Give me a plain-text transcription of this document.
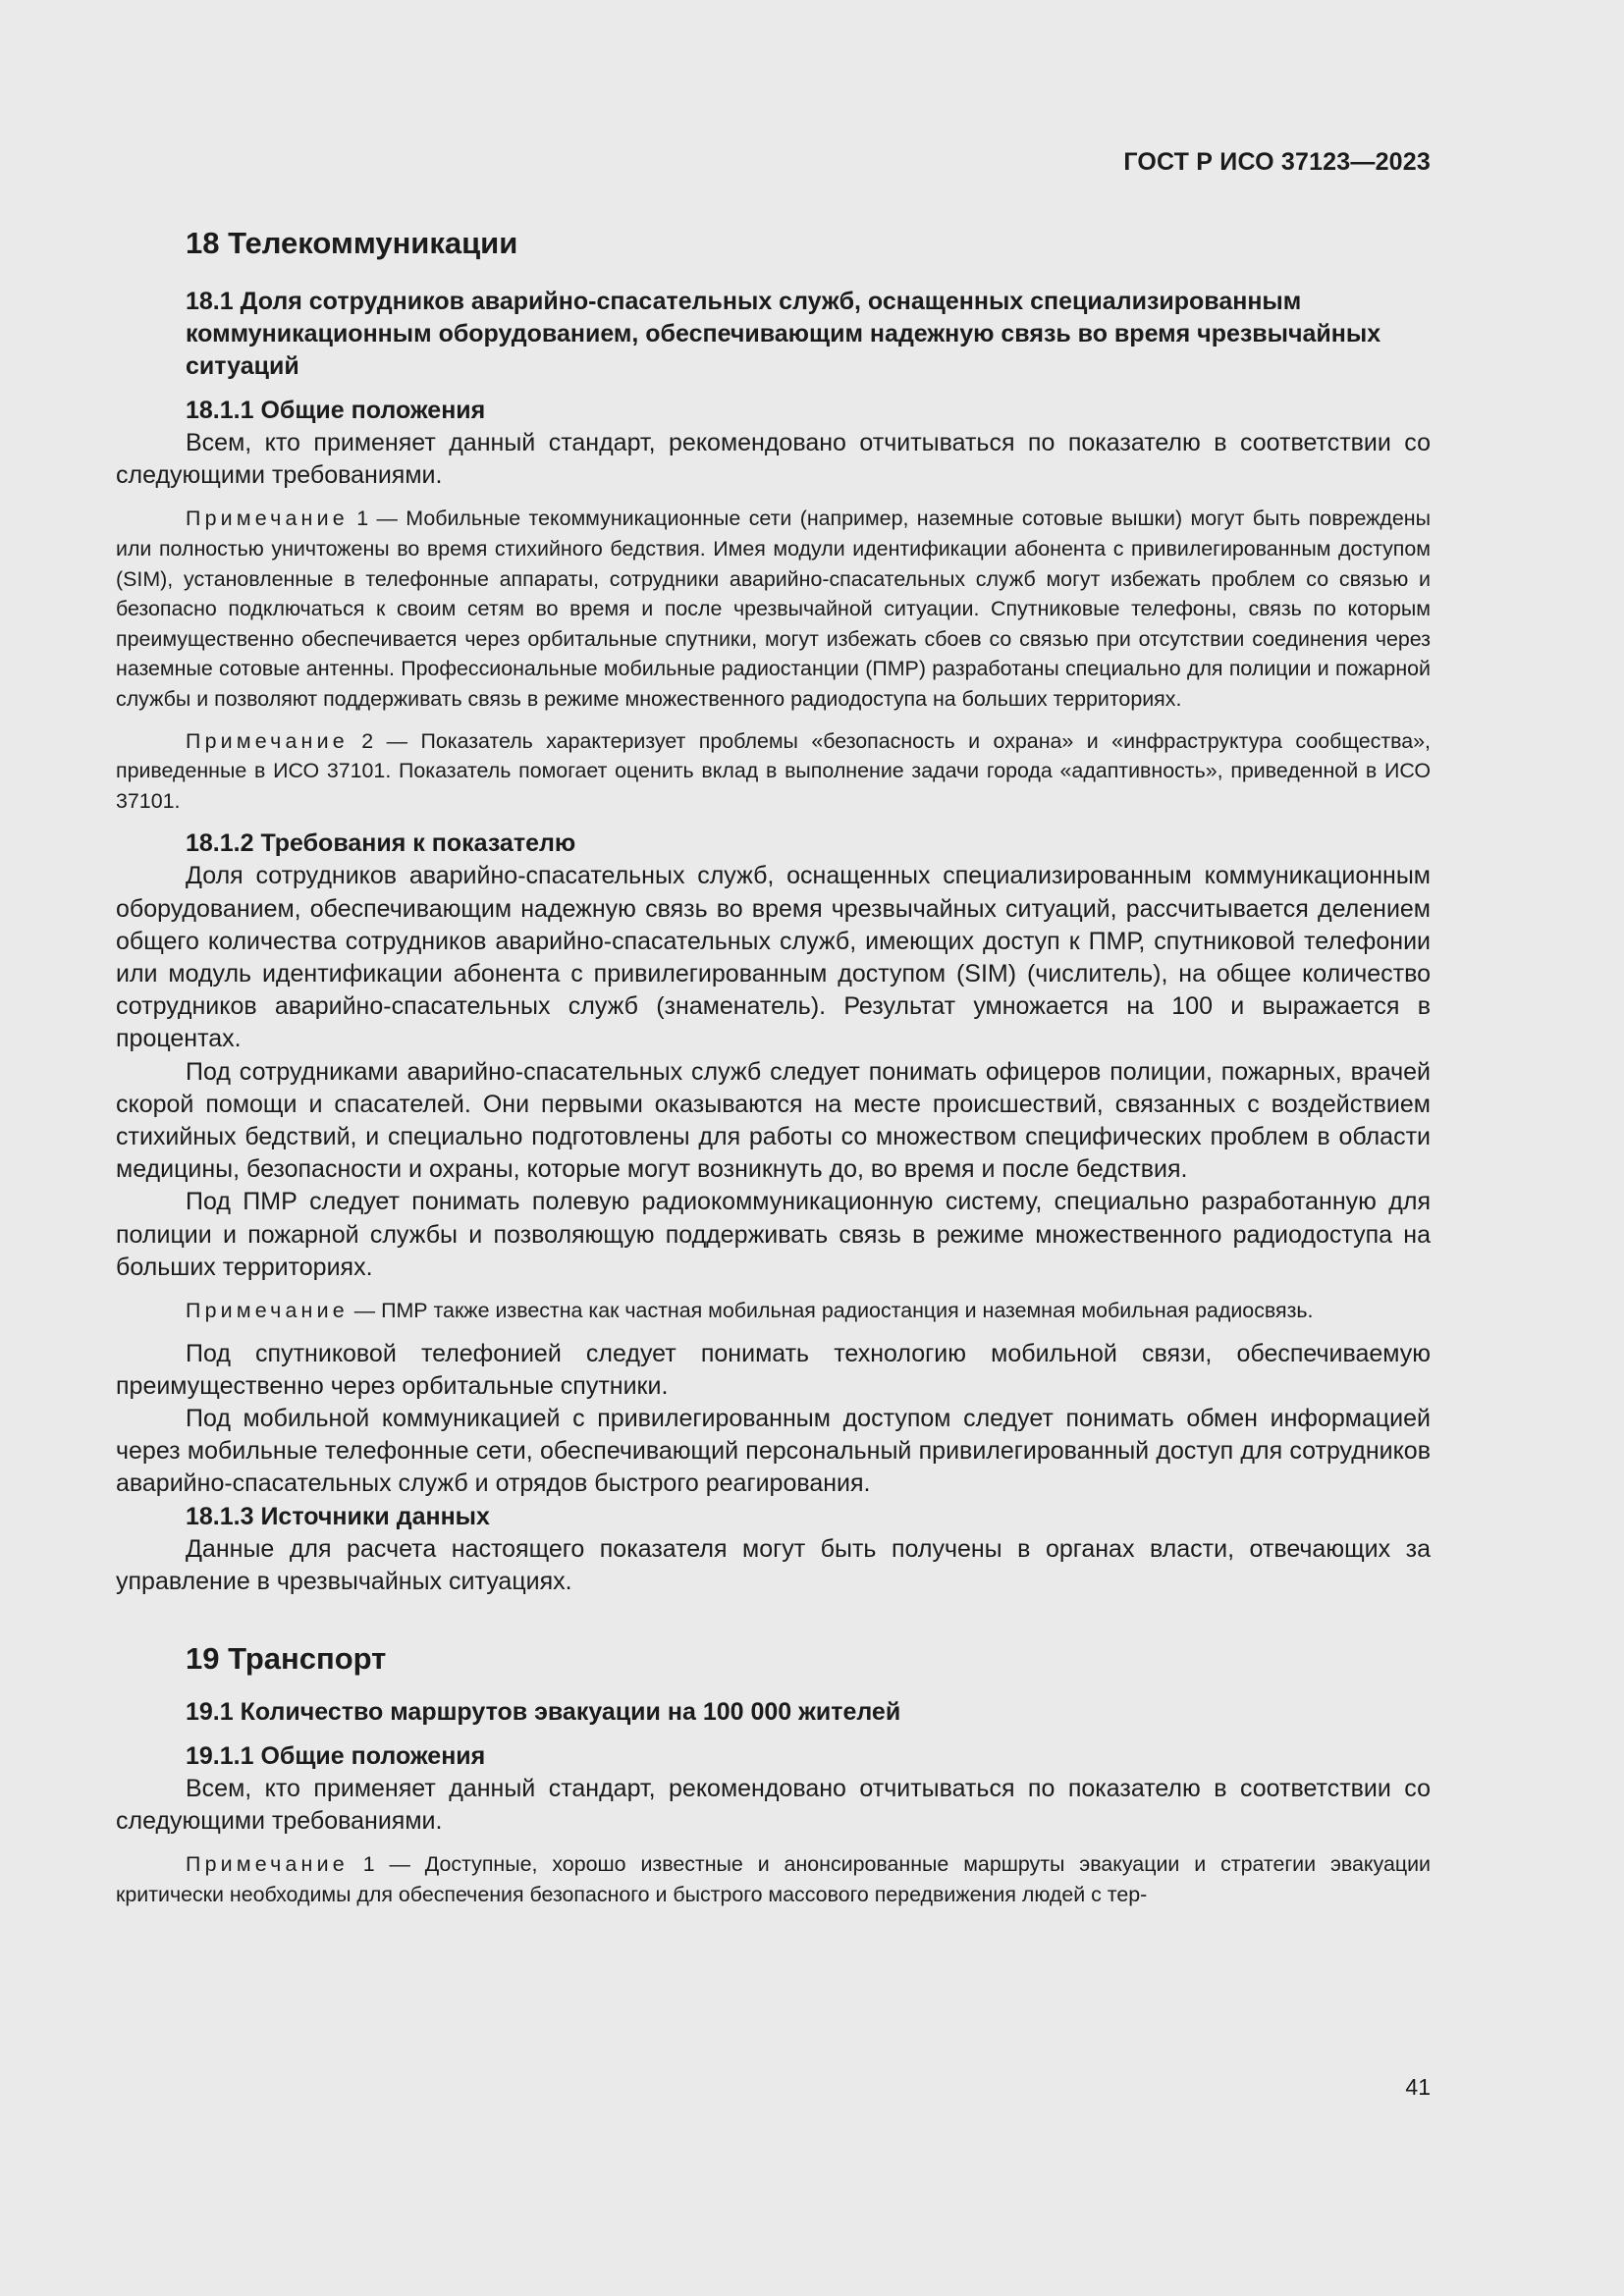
ГОСТ Р ИСО 37123—2023
18 Телекоммуникации
18.1 Доля сотрудников аварийно-спасательных служб, оснащенных специализированным коммуникационным оборудованием, обеспечивающим надежную связь во время чрезвычайных ситуаций
18.1.1 Общие положения

Всем, кто применяет данный стандарт, рекомендовано отчитываться по показателю в соответствии со следующими требованиями.

Примечание 1 — Мобильные текоммуникационные сети (например, наземные сотовые вышки) могут быть повреждены или полностью уничтожены во время стихийного бедствия. Имея модули идентификации абонента с привилегированным доступом (SIM), установленные в телефонные аппараты, сотрудники аварийно-спасательных служб могут избежать проблем со связью и безопасно подключаться к своим сетям во время и после чрезвычайной ситуации. Спутниковые телефоны, связь по которым преимущественно обеспечивается через орбитальные спутники, могут избежать сбоев со связью при отсутствии соединения через наземные сотовые антенны. Профессиональные мобильные радиостанции (ПМР) разработаны специально для полиции и пожарной службы и позволяют поддерживать связь в режиме множественного радиодоступа на больших территориях.

Примечание 2 — Показатель характеризует проблемы «безопасность и охрана» и «инфраструктура сообщества», приведенные в ИСО 37101. Показатель помогает оценить вклад в выполнение задачи города «адаптивность», приведенной в ИСО 37101.

18.1.2 Требования к показателю

Доля сотрудников аварийно-спасательных служб, оснащенных специализированным коммуникационным оборудованием, обеспечивающим надежную связь во время чрезвычайных ситуаций, рассчитывается делением общего количества сотрудников аварийно-спасательных служб, имеющих доступ к ПМР, спутниковой телефонии или модуль идентификации абонента с привилегированным доступом (SIM) (числитель), на общее количество сотрудников аварийно-спасательных служб (знаменатель). Результат умножается на 100 и выражается в процентах.

Под сотрудниками аварийно-спасательных служб следует понимать офицеров полиции, пожарных, врачей скорой помощи и спасателей. Они первыми оказываются на месте происшествий, связанных с воздействием стихийных бедствий, и специально подготовлены для работы со множеством специфических проблем в области медицины, безопасности и охраны, которые могут возникнуть до, во время и после бедствия.

Под ПМР следует понимать полевую радиокоммуникационную систему, специально разработанную для полиции и пожарной службы и позволяющую поддерживать связь в режиме множественного радиодоступа на больших территориях.

Примечание — ПМР также известна как частная мобильная радиостанция и наземная мобильная радиосвязь.

Под спутниковой телефонией следует понимать технологию мобильной связи, обеспечиваемую преимущественно через орбитальные спутники.

Под мобильной коммуникацией с привилегированным доступом следует понимать обмен информацией через мобильные телефонные сети, обеспечивающий персональный привилегированный доступ для сотрудников аварийно-спасательных служб и отрядов быстрого реагирования.

18.1.3 Источники данных

Данные для расчета настоящего показателя могут быть получены в органах власти, отвечающих за управление в чрезвычайных ситуациях.

19 Транспорт
19.1 Количество маршрутов эвакуации на 100 000 жителей
19.1.1 Общие положения

Всем, кто применяет данный стандарт, рекомендовано отчитываться по показателю в соответствии со следующими требованиями.

Примечание 1 — Доступные, хорошо известные и анонсированные маршруты эвакуации и стратегии эвакуации критически необходимы для обеспечения безопасного и быстрого массового передвижения людей с тер-

41
